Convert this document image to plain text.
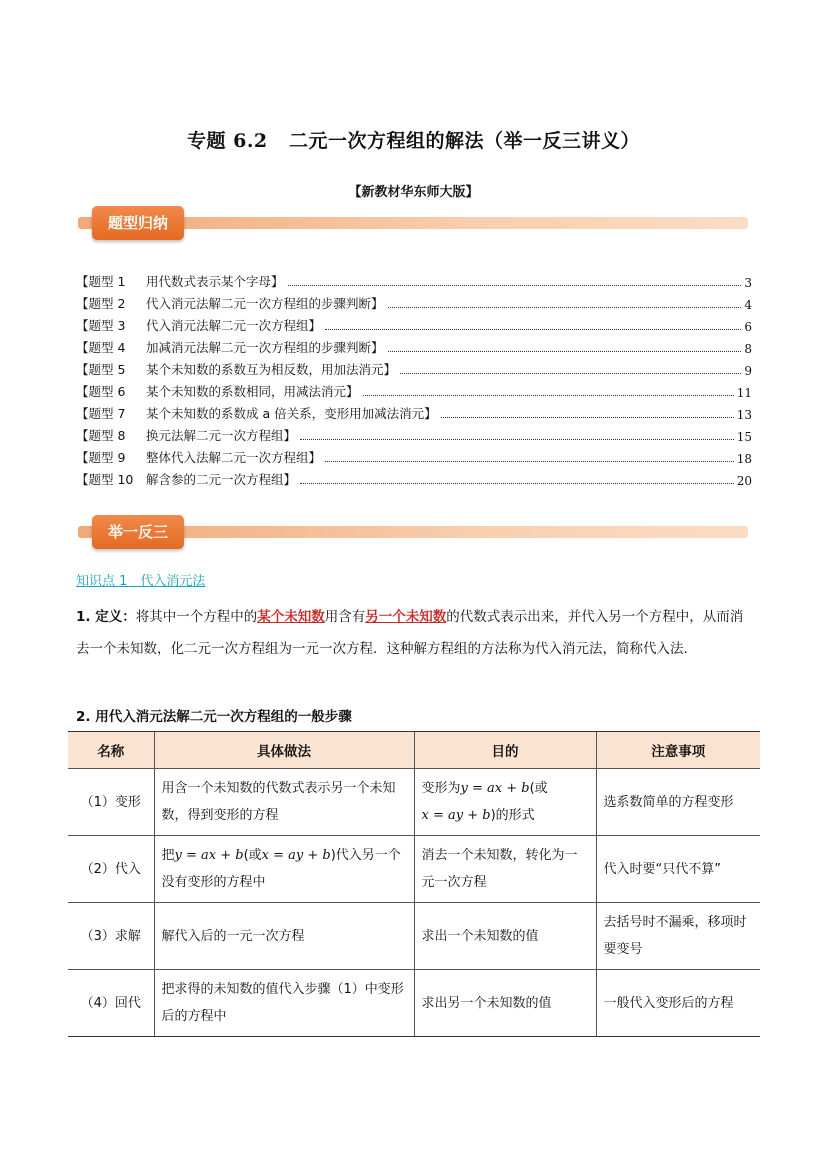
专题 6.2 二元一次方程组的解法（举一反三讲义）
【新教材华东师大版】
题型归纳
【题型 1	用代数式表示某个字母】	3
【题型 2	代入消元法解二元一次方程组的步骤判断】	4
【题型 3	代入消元法解二元一次方程组】	6
【题型 4	加减消元法解二元一次方程组的步骤判断】	8
【题型 5	某个未知数的系数互为相反数，用加法消元】	9
【题型 6	某个未知数的系数相同，用减法消元】	11
【题型 7	某个未知数的系数成 a 倍关系，变形用加减法消元】	13
【题型 8	换元法解二元一次方程组】	15
【题型 9	整体代入法解二元一次方程组】	18
【题型 10	解含参的二元一次方程组】	20
举一反三
知识点 1　代入消元法
1. 定义：将其中一个方程中的某个未知数用含有另一个未知数的代数式表示出来，并代入另一个方程中，从而消去一个未知数，化二元一次方程组为一元一次方程．这种解方程组的方法称为代入消元法，简称代入法．
2. 用代入消元法解二元一次方程组的一般步骤
名称	具体做法	目的	注意事项
（1）变形	用含一个未知数的代数式表示另一个未知数，得到变形的方程	变形为y = ax + b(或
x = ay + b)的形式	选系数简单的方程变形
（2）代入	把y = ax + b(或x = ay + b)代入另一个没有变形的方程中	消去一个未知数，转化为一元一次方程	代入时要“只代不算”
（3）求解	解代入后的一元一次方程	求出一个未知数的值	去括号时不漏乘，移项时要变号
（4）回代	把求得的未知数的值代入步骤（1）中变形后的方程中	求出另一个未知数的值	一般代入变形后的方程
